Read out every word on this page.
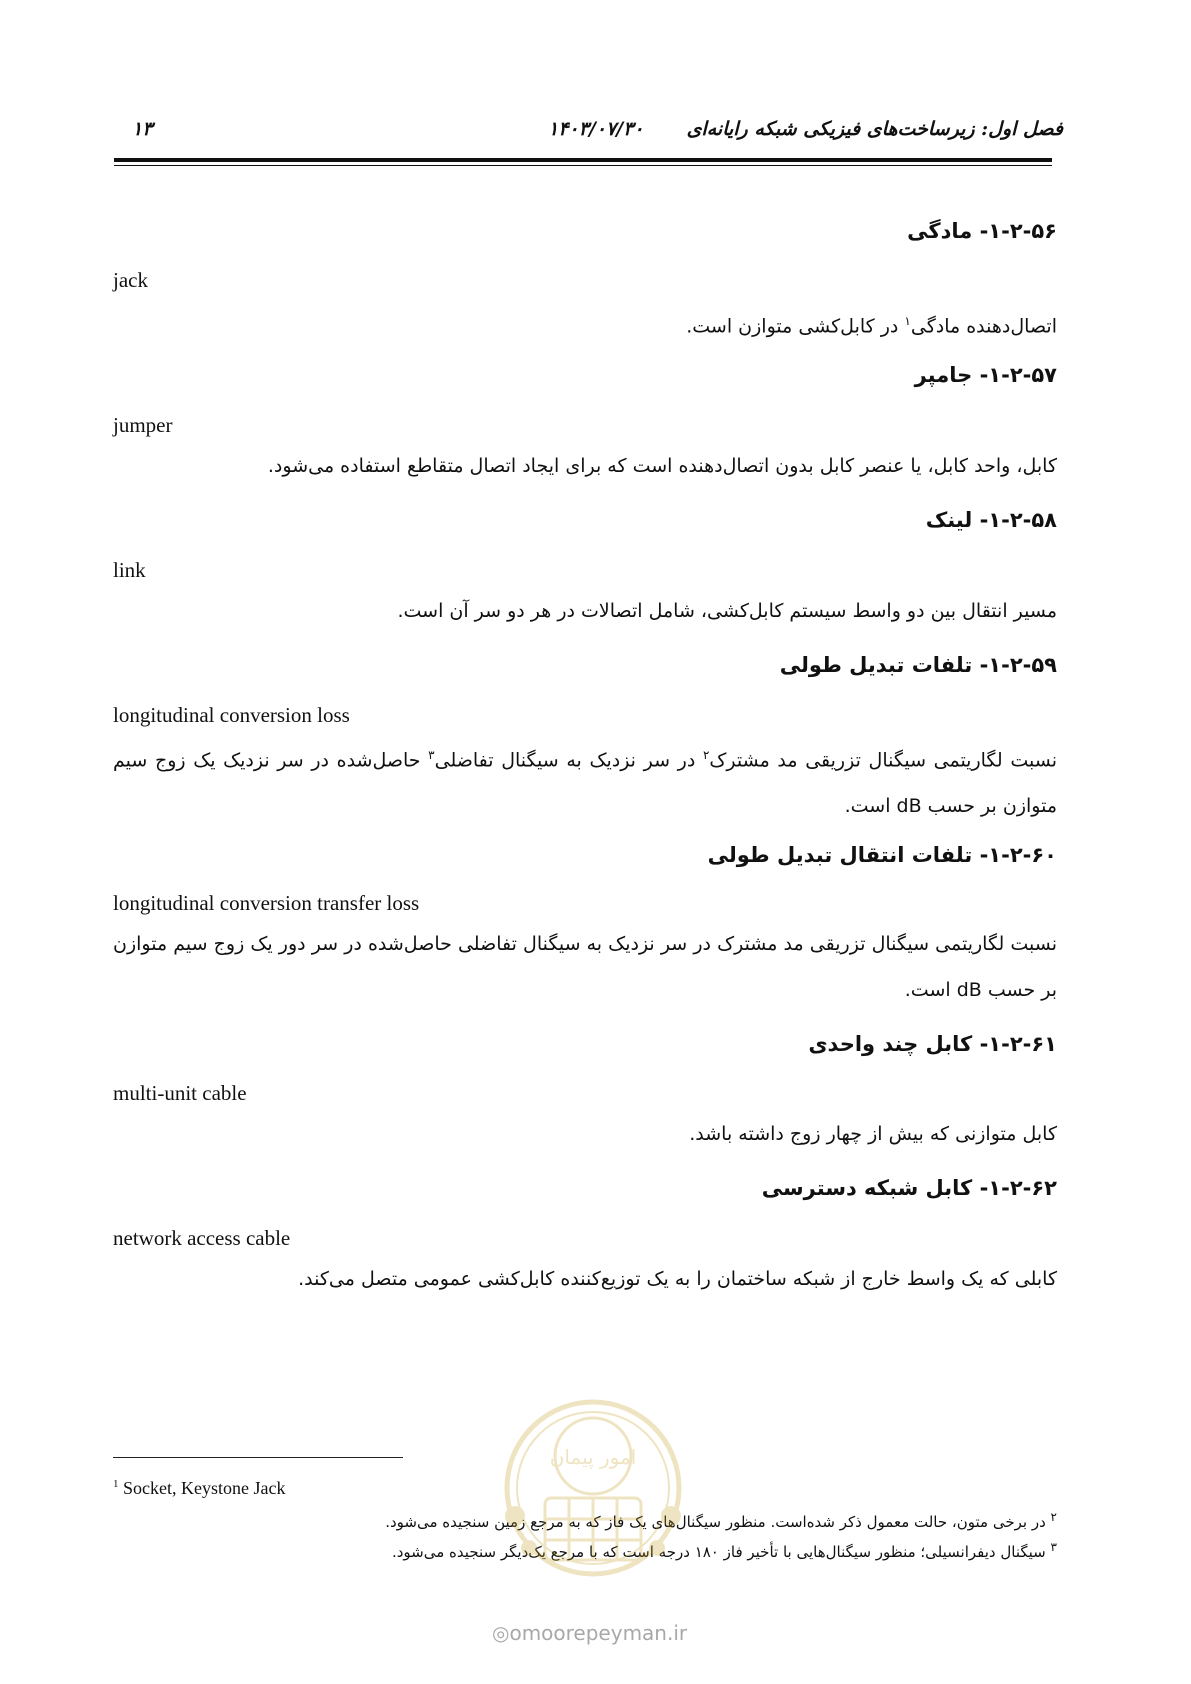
فصل اول: زیرساخت‌های فیزیکی شبکه رایانه‌ای
۱۴۰۳/۰۷/۳۰
۱۳
۱-۲-۵۶- مادگی
jack
اتصال‌دهنده مادگی$^۱$ در کابل‌کشی متوازن است.
۱-۲-۵۷- جامپر
jumper
کابل، واحد کابل، یا عنصر کابل بدون اتصال‌دهنده است که برای ایجاد اتصال متقاطع استفاده می‌شود.
۱-۲-۵۸- لینک
link
مسیر انتقال بین دو واسط سیستم کابل‌کشی، شامل اتصالات در هر دو سر آن است.
۱-۲-۵۹- تلفات تبدیل طولی
longitudinal conversion loss
نسبت لگاریتمی سیگنال تزریقی مد مشترک$^۲$ در سر نزدیک به سیگنال تفاضلی$^۳$ حاصل‌شده در سر نزدیک یک زوج سیم متوازن بر حسب dB است.
۱-۲-۶۰- تلفات انتقال تبدیل طولی
longitudinal conversion transfer loss
نسبت لگاریتمی سیگنال تزریقی مد مشترک در سر نزدیک به سیگنال تفاضلی حاصل‌شده در سر دور یک زوج سیم متوازن بر حسب dB است.
۱-۲-۶۱- کابل چند واحدی
multi-unit cable
کابل متوازنی که بیش از چهار زوج داشته باشد.
۱-۲-۶۲- کابل شبکه دسترسی
network access cable
کابلی که یک واسط خارج از شبکه ساختمان را به یک توزیع‌کننده کابل‌کشی عمومی متصل می‌کند.
$^1$ Socket, Keystone Jack
$^۲$ در برخی متون، حالت معمول ذکر شده‌است. منظور سیگنال‌های یک فاز که به مرجع زمین سنجیده می‌شود.
$^۳$ سیگنال دیفرانسیلی؛ منظور سیگنال‌هایی با تأخیر فاز ۱۸۰ درجه است که با مرجع یک‌دیگر سنجیده می‌شود.
امور پیمان
◎omoorepeyman.ir
